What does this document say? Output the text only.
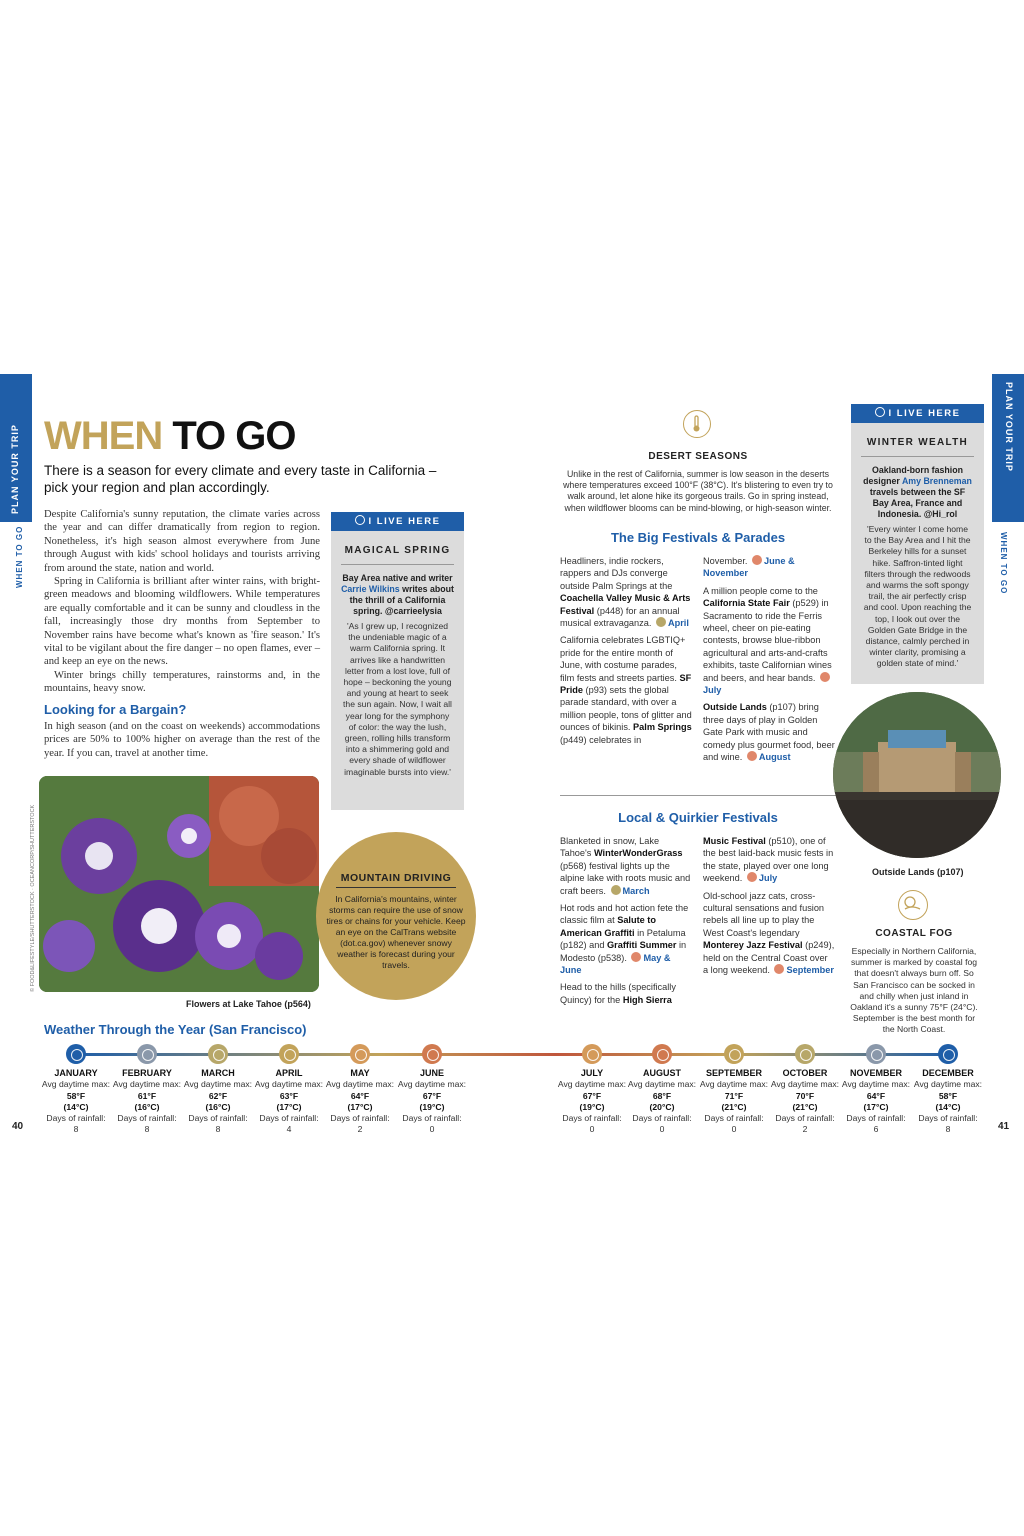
PLAN YOUR TRIP	PLAN YOUR TRIP
WHEN TO GO	WHEN TO GO
40	41
WHEN TO GO
There is a season for every climate and every taste in California – pick your region and plan accordingly.

Despite California's sunny reputation, the climate varies across the year and can differ dramatically from region to region. Nonetheless, it's high season almost everywhere from June through August with kids' school holidays and tourists arriving from around the state, nation and world.

Spring in California is brilliant after winter rains, with bright-green meadows and blooming wildflowers. While temperatures are equally comfortable and it can be sunny and cloudless in the fall, increasingly those dry months from September to November rains have become what's known as 'fire season.' It's vital to be vigilant about the fire danger – no open flames, ever – and keep an eye on the news.

Winter brings chilly temperatures, rainstorms and, in the mountains, heavy snow.

Looking for a Bargain?
In high season (and on the coast on weekends) accommodations prices are 50% to 100% higher on average than the rest of the year. If you can, travel at another time.
I LIVE HERE
MAGICAL SPRING
Bay Area native and writer Carrie Wilkins writes about the thrill of a California spring. @carrieelysia
'As I grew up, I recognized the undeniable magic of a warm California spring. It arrives like a handwritten letter from a lost love, full of hope – beckoning the young and young at heart to seek the sun again. Now, I wait all year long for the symphony of color: the way the lush, green, rolling hills transform into a shimmering gold and every shade of wildflower imaginable bursts into view.'
Flowers at Lake Tahoe (p564)
© FOOD&LIFESTYLE/SHUTTERSTOCK · OCEANCORP/SHUTTERSTOCK	MOUNTAIN DRIVING
In California's mountains, winter storms can require the use of snow tires or chains for your vehicle. Keep an eye on the CalTrans website (dot.ca.gov) whenever snowy weather is forecast during your travels.
DESERT SEASONS
Unlike in the rest of California, summer is low season in the deserts where temperatures exceed 100°F (38°C). It's blistering to even try to walk around, let alone hike its gorgeous trails. Go in spring instead, when wildflower blooms can be mind-blowing, or high-season winter.
The Big Festivals & Parades

Headliners, indie rockers, rappers and DJs converge outside Palm Springs at the Coachella Valley Music & Arts Festival (p448) for an annual musical extravaganza. April

California celebrates LGBTIQ+ pride for the entire month of June, with costume parades, film fests and streets parties. SF Pride (p93) sets the global parade standard, with over a million people, tons of glitter and ounces of bikinis. Palm Springs (p449) celebrates in

November. June & November

A million people come to the California State Fair (p529) in Sacramento to ride the Ferris wheel, cheer on pie-eating contests, browse blue-ribbon agricultural and arts-and-crafts exhibits, taste Californian wines and beers, and hear bands. July

Outside Lands (p107) bring three days of play in Golden Gate Park with music and comedy plus gourmet food, beer and wine. August

Local & Quirkier Festivals

Blanketed in snow, Lake Tahoe's WinterWonderGrass (p568) festival lights up the alpine lake with roots music and craft beers. March

Hot rods and hot action fete the classic film at Salute to American Graffiti in Petaluma (p182) and Graffiti Summer in Modesto (p538). May & June

Head to the hills (specifically Quincy) for the High Sierra

Music Festival (p510), one of the best laid-back music fests in the state, played over one long weekend. July

Old-school jazz cats, cross-cultural sensations and fusion rebels all line up to play the West Coast's legendary Monterey Jazz Festival (p249), held on the Central Coast over a long weekend. September

I LIVE HERE
WINTER WEALTH
Oakland-born fashion designer Amy Brenneman travels between the SF Bay Area, France and Indonesia. @Hi_rol
'Every winter I come home to the Bay Area and I hit the Berkeley hills for a sunset hike. Saffron-tinted light filters through the redwoods and warms the soft spongy trail, the air perfectly crisp and cool. Upon reaching the top, I look out over the Golden Gate Bridge in the distance, calmly perched in winter clarity, promising a golden state of mind.'
Outside Lands (p107)
COASTAL FOG
Especially in Northern California, summer is marked by coastal fog that doesn't always burn off. So San Francisco can be socked in and chilly when just inland in Oakland it's a sunny 75°F (24°C). September is the best month for the North Coast.
Weather Through the Year (San Francisco)
JANUARY
Avg daytime max:
58°F
(14°C)
Days of rainfall:
8
FEBRUARY
Avg daytime max:
61°F
(16°C)
Days of rainfall:
8
MARCH
Avg daytime max:
62°F
(16°C)
Days of rainfall:
8
APRIL
Avg daytime max:
63°F
(17°C)
Days of rainfall:
4
MAY
Avg daytime max:
64°F
(17°C)
Days of rainfall:
2
JUNE
Avg daytime max:
67°F
(19°C)
Days of rainfall:
0
JULY
Avg daytime max:
67°F
(19°C)
Days of rainfall:
0
AUGUST
Avg daytime max:
68°F
(20°C)
Days of rainfall:
0
SEPTEMBER
Avg daytime max:
71°F
(21°C)
Days of rainfall:
0
OCTOBER
Avg daytime max:
70°F
(21°C)
Days of rainfall:
2
NOVEMBER
Avg daytime max:
64°F
(17°C)
Days of rainfall:
6
DECEMBER
Avg daytime max:
58°F
(14°C)
Days of rainfall:
8
